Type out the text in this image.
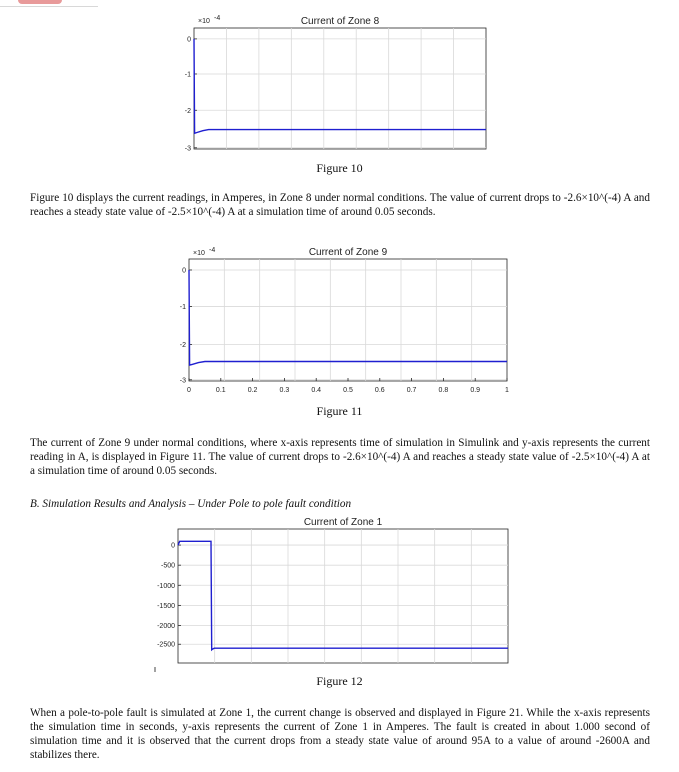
0
-1
-2
-3
Current of Zone 8
×10 -4
0
-1
-2
-3
0	0.1	0.2	0.3	0.4	0.5	0.6	0.7	0.8	0.9	1
Current of Zone 9
×10 -4
0
-500
-1000
-1500
-2000
-2500
Current of Zone 1
Figure 10
Figure 10 displays the current readings, in Amperes, in Zone 8 under normal conditions. The value of current drops to -2.6×10^(-4) A and reaches a steady state value of -2.5×10^(-4) A at a simulation time of around 0.05 seconds.
Figure 11
The current of Zone 9 under normal conditions, where x-axis represents time of simulation in Simulink and y-axis represents the current reading in A, is displayed in Figure 11. The value of current drops to -2.6×10^(-4) A and reaches a steady state value of -2.5×10^(-4) A at a simulation time of around 0.05 seconds.
B. Simulation Results and Analysis – Under Pole to pole fault condition
Figure 12
When a pole-to-pole fault is simulated at Zone 1, the current change is observed and displayed in Figure 21. While the x-axis represents the simulation time in seconds, y-axis represents the current of Zone 1 in Amperes. The fault is created in about 1.000 second of simulation time and it is observed that the current drops from a steady state value of around 95A to a value of around -2600A and stabilizes there.
